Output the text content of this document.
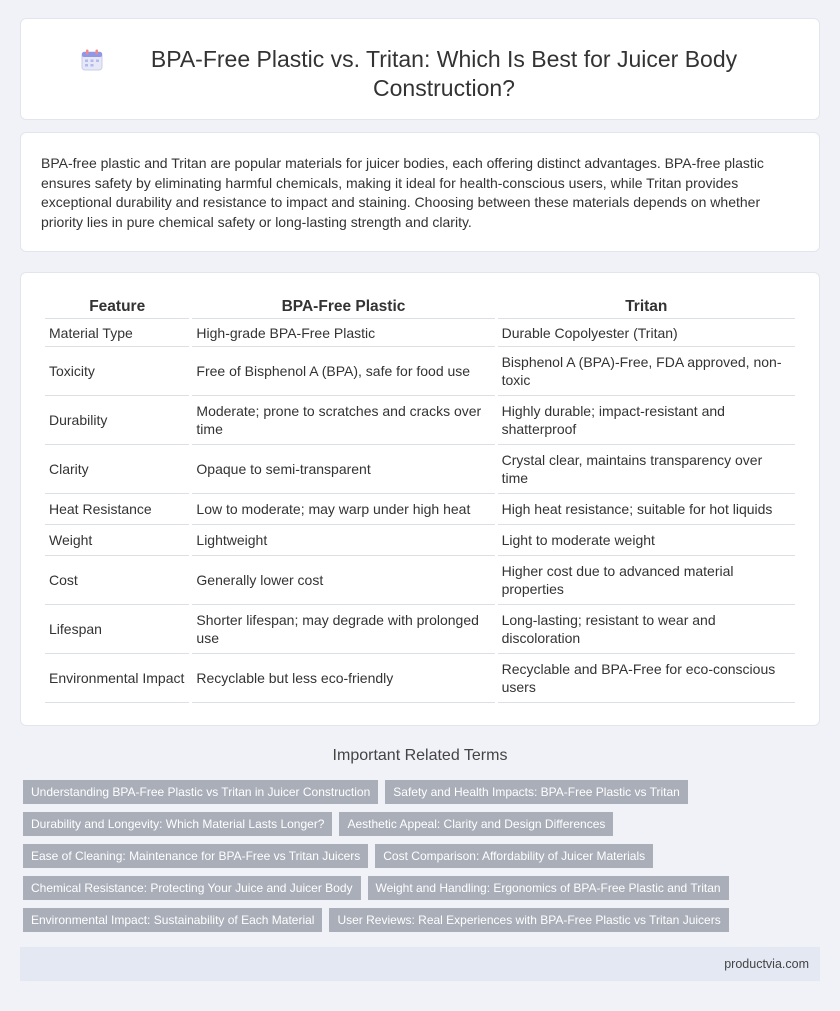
BPA-Free Plastic vs. Tritan: Which Is Best for Juicer Body Construction?

BPA-free plastic and Tritan are popular materials for juicer bodies, each offering distinct advantages. BPA-free plastic ensures safety by eliminating harmful chemicals, making it ideal for health-conscious users, while Tritan provides exceptional durability and resistance to impact and staining. Choosing between these materials depends on whether priority lies in pure chemical safety or long-lasting strength and clarity.

Feature	BPA-Free Plastic	Tritan
Material Type	High-grade BPA-Free Plastic	Durable Copolyester (Tritan)
Toxicity	Free of Bisphenol A (BPA), safe for food use	Bisphenol A (BPA)-Free, FDA approved, non-toxic
Durability	Moderate; prone to scratches and cracks over time	Highly durable; impact-resistant and shatterproof
Clarity	Opaque to semi-transparent	Crystal clear, maintains transparency over time
Heat Resistance	Low to moderate; may warp under high heat	High heat resistance; suitable for hot liquids
Weight	Lightweight	Light to moderate weight
Cost	Generally lower cost	Higher cost due to advanced material properties
Lifespan	Shorter lifespan; may degrade with prolonged use	Long-lasting; resistant to wear and discoloration
Environmental Impact	Recyclable but less eco-friendly	Recyclable and BPA-Free for eco-conscious users
Important Related Terms
Understanding BPA-Free Plastic vs Tritan in Juicer Construction	Safety and Health Impacts: BPA-Free Plastic vs Tritan
Durability and Longevity: Which Material Lasts Longer?	Aesthetic Appeal: Clarity and Design Differences
Ease of Cleaning: Maintenance for BPA-Free vs Tritan Juicers	Cost Comparison: Affordability of Juicer Materials
Chemical Resistance: Protecting Your Juice and Juicer Body	Weight and Handling: Ergonomics of BPA-Free Plastic and Tritan
Environmental Impact: Sustainability of Each Material	User Reviews: Real Experiences with BPA-Free Plastic vs Tritan Juicers
productvia.com
